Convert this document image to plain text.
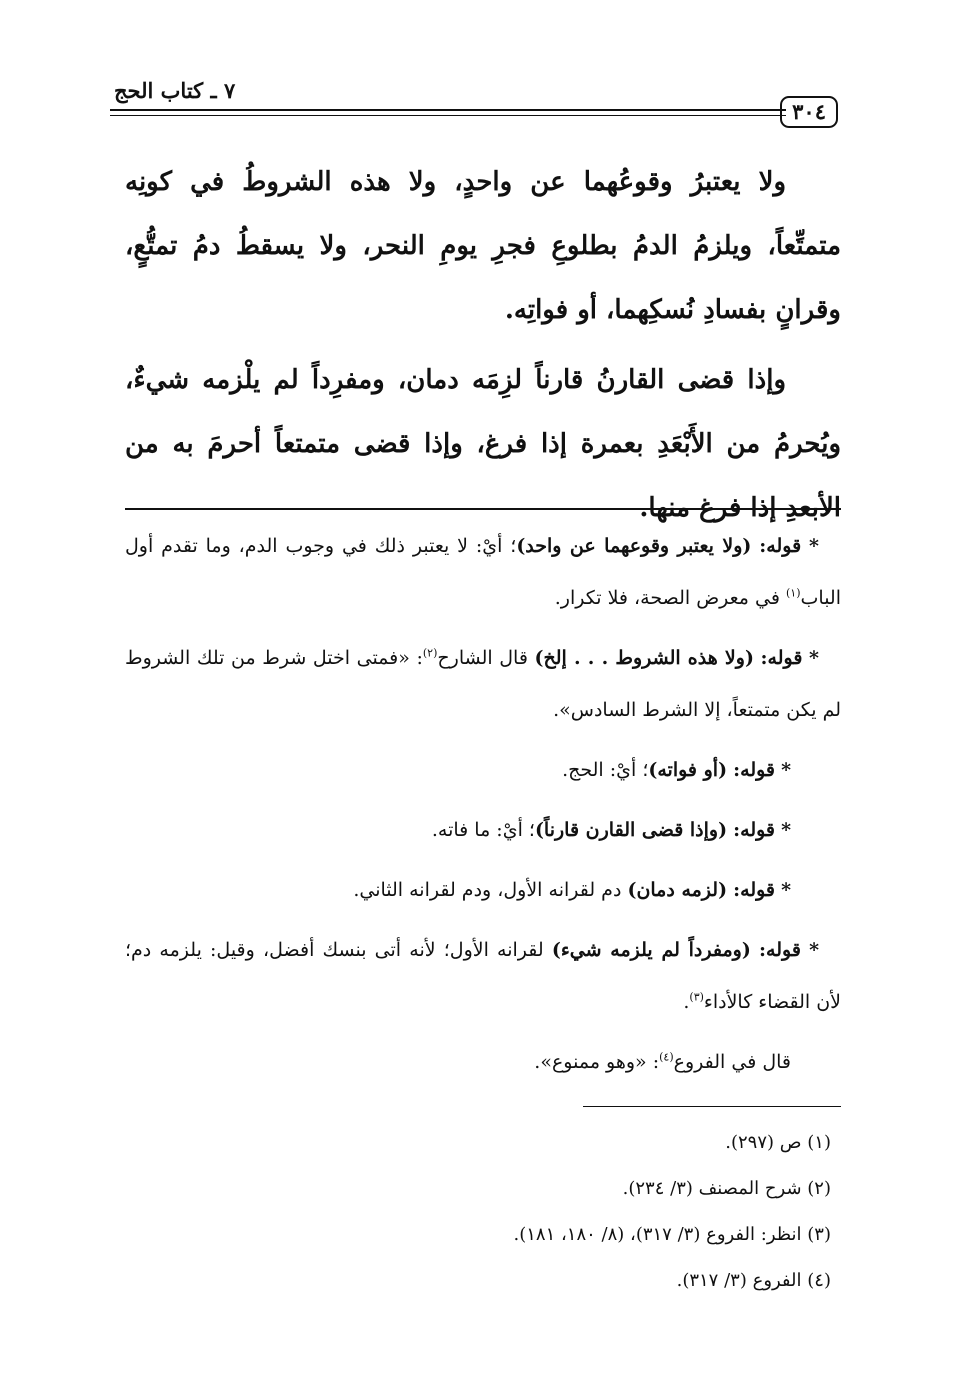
٣٠٤
٧ ـ كتاب الحج

ولا يعتبرُ وقوعُهما عن واحدٍ، ولا هذه الشروطُ في كونِه متمتِّعاً، ويلزمُ الدمُ بطلوعِ فجرِ يومِ النحر، ولا يسقطُ دمُ تمتُّعٍ، وقرانٍ بفسادِ نُسكِهما، أو فواتِه.

وإذا قضى القارنُ قارناً لزِمَه دمان، ومفرِداً لم يلْزمه شيءٌ، ويُحرمُ من الأَبْعَدِ بعمرة إذا فرغ، وإذا قضى متمتعاً أحرمَ به من الأبعدِ إذا فرغ منها.

* قوله: (ولا يعتبر وقوعهما عن واحد)؛ أيْ: لا يعتبر ذلك في وجوب الدم، وما تقدم أول الباب$^{(١)}$ في معرض الصحة، فلا تكرار.

* قوله: (ولا هذه الشروط . . . إلخ) قال الشارح$^{(٢)}$: «فمتى اختل شرط من تلك الشروط لم يكن متمتعاً، إلا الشرط السادس».

* قوله: (أو فواته)؛ أيْ: الحج.

* قوله: (وإذا قضى القارن قارناً)؛ أيْ: ما فاته.

* قوله: (لزمه دمان) دم لقرانه الأول، ودم لقرانه الثاني.

* قوله: (ومفرداً لم يلزمه شيء) لقرانه الأول؛ لأنه أتى بنسك أفضل، وقيل: يلزمه دم؛ لأن القضاء كالأداء$^{(٣)}$.

قال في الفروع$^{(٤)}$: «وهو ممنوع».

(١) ص (٢٩٧).

(٢) شرح المصنف (٣/ ٢٣٤).

(٣) انظر: الفروع (٣/ ٣١٧)، (٨/ ١٨٠، ١٨١).

(٤) الفروع (٣/ ٣١٧).
